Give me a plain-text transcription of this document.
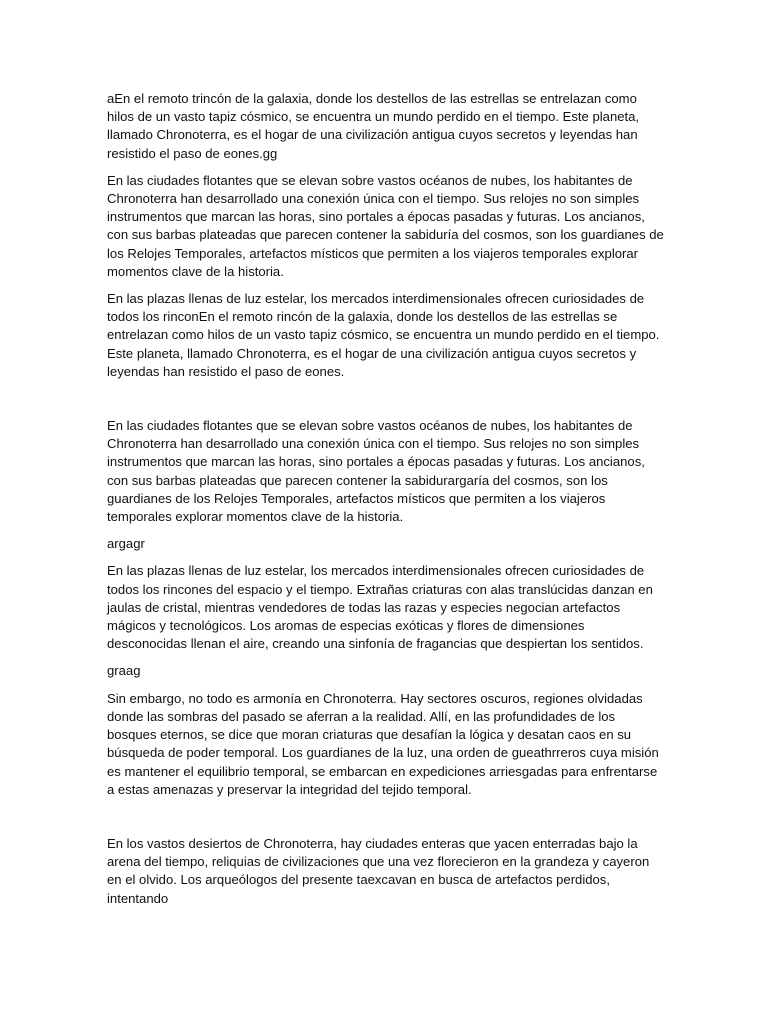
aEn el remoto trincón de la galaxia, donde los destellos de las estrellas se entrelazan como hilos de un vasto tapiz cósmico, se encuentra un mundo perdido en el tiempo. Este planeta, llamado Chronoterra, es el hogar de una civilización antigua cuyos secretos y leyendas han resistido el paso de eones.gg

En las ciudades flotantes que se elevan sobre vastos océanos de nubes, los habitantes de Chronoterra han desarrollado una conexión única con el tiempo. Sus relojes no son simples instrumentos que marcan las horas, sino portales a épocas pasadas y futuras. Los ancianos, con sus barbas plateadas que parecen contener la sabiduría del cosmos, son los guardianes de los Relojes Temporales, artefactos místicos que permiten a los viajeros temporales explorar momentos clave de la historia.

En las plazas llenas de luz estelar, los mercados interdimensionales ofrecen curiosidades de todos los rinconEn el remoto rincón de la galaxia, donde los destellos de las estrellas se entrelazan como hilos de un vasto tapiz cósmico, se encuentra un mundo perdido en el tiempo. Este planeta, llamado Chronoterra, es el hogar de una civilización antigua cuyos secretos y leyendas han resistido el paso de eones.

En las ciudades flotantes que se elevan sobre vastos océanos de nubes, los habitantes de Chronoterra han desarrollado una conexión única con el tiempo. Sus relojes no son simples instrumentos que marcan las horas, sino portales a épocas pasadas y futuras. Los ancianos, con sus barbas plateadas que parecen contener la sabidurargaría del cosmos, son los guardianes de los Relojes Temporales, artefactos místicos que permiten a los viajeros temporales explorar momentos clave de la historia.

argagr

En las plazas llenas de luz estelar, los mercados interdimensionales ofrecen curiosidades de todos los rincones del espacio y el tiempo. Extrañas criaturas con alas translúcidas danzan en jaulas de cristal, mientras vendedores de todas las razas y especies negocian artefactos mágicos y tecnológicos. Los aromas de especias exóticas y flores de dimensiones desconocidas llenan el aire, creando una sinfonía de fragancias que despiertan los sentidos.

graag

Sin embargo, no todo es armonía en Chronoterra. Hay sectores oscuros, regiones olvidadas donde las sombras del pasado se aferran a la realidad. Allí, en las profundidades de los bosques eternos, se dice que moran criaturas que desafían la lógica y desatan caos en su búsqueda de poder temporal. Los guardianes de la luz, una orden de gueathrreros cuya misión es mantener el equilibrio temporal, se embarcan en expediciones arriesgadas para enfrentarse a estas amenazas y preservar la integridad del tejido temporal.

En los vastos desiertos de Chronoterra, hay ciudades enteras que yacen enterradas bajo la arena del tiempo, reliquias de civilizaciones que una vez florecieron en la grandeza y cayeron en el olvido. Los arqueólogos del presente taexcavan en busca de artefactos perdidos, intentando
